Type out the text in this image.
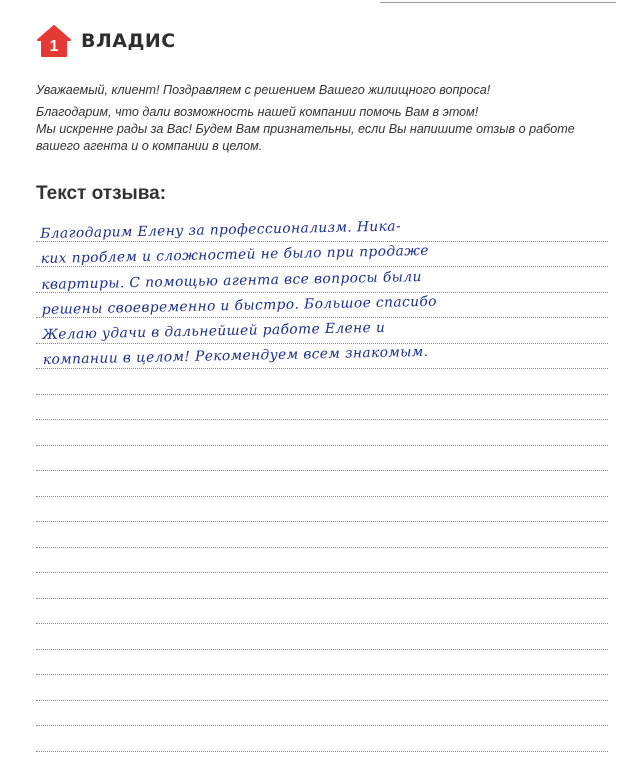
1 ВЛАДИС

Уважаемый, клиент! Поздравляем с решением Вашего жилищного вопроса!

Благодарим, что дали возможность нашей компании помочь Вам в этом!

Мы искренне рады за Вас! Будем Вам признательны, если Вы напишите отзыв о работе

вашего агента и о компании в целом.

Текст отзыва:
Благодарим Елену за профессионализм. Ника-
ких проблем и сложностей не было при продаже
квартиры. С помощью агента все вопросы были
решены своевременно и быстро. Большое спасибо
Желаю удачи в дальнейшей работе Елене и
компании в целом! Рекомендуем всем знакомым.
